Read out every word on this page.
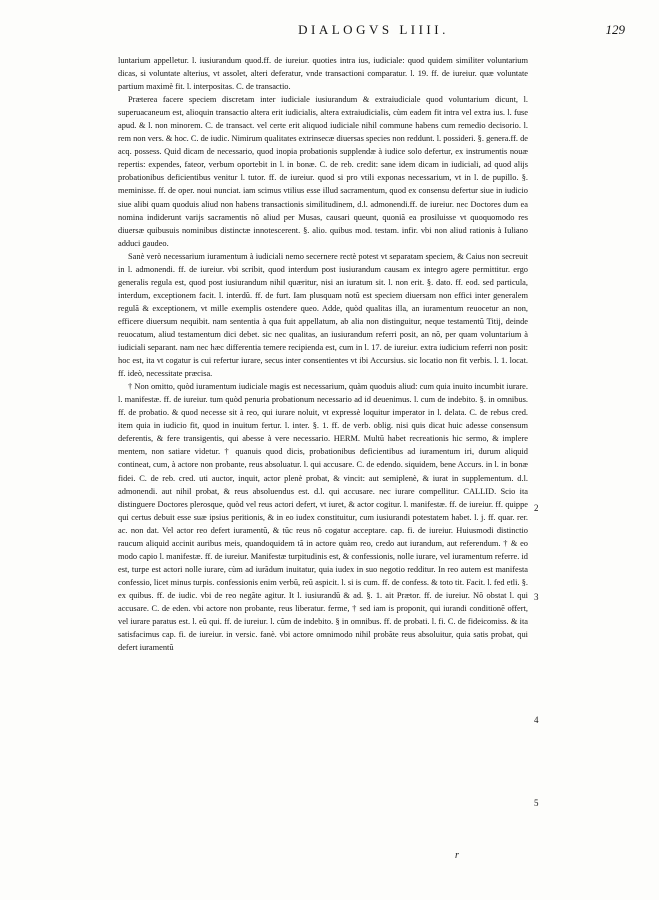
DIALOGVS LIIII.	129

luntarium appelletur. l. iusiurandum quod.ff. de iureiur. quoties intra ius, iudiciale: quod quidem similiter voluntarium dicas, si voluntate alterius, vt assolet, alteri deferatur, vnde transactioni comparatur. l. 19. ff. de iureiur. quæ voluntate partium maximè fit. l. interpositas. C. de transactio.

Præterea facere speciem discretam inter iudiciale iusiurandum & extraiudiciale quod voluntarium dicunt, l. superuacaneum est, alioquin transactio altera erit iudicialis, altera extraiudicialis, cùm eadem fit intra vel extra ius. l. fuse apud. & l. non minorem. C. de transact. vel certe erit aliquod iudiciale nihil commune habens cum remedio decisorio. l. rem non vers. & hoc. C. de iudic. Nimirum qualitates extrinsecæ diuersas species non reddunt. l. possideri. §. genera.ff. de acq. possess. Quid dicam de necessario, quod inopia probationis supplendæ à iudice solo defertur, ex instrumentis nouæ repertis: expendes, fateor, verbum oportebit in l. in bonæ. C. de reb. credit: sane idem dicam in iudiciali, ad quod alijs probationibus deficientibus venitur l. tutor. ff. de iureiur. quod si pro vtili exponas necessarium, vt in l. de pupillo. §. meminisse. ff. de oper. noui nunciat. iam scimus vtilius esse illud sacramentum, quod ex consensu defertur siue in iudicio siue alibi quam quoduis aliud non habens transactionis similitudinem, d.l. admonendi.ff. de iureiur. nec Doctores dum ea nomina indiderunt varijs sacramentis nõ aliud per Musas, causari queunt, quoniã ea prosiluisse vt quoquomodo res diuersæ quibusuis nominibus distinctæ innotescerent. §. alio. quibus mod. testam. infir. vbi non aliud rationis à Iuliano adduci gaudeo.

Sanè verò necessarium iuramentum à iudiciali nemo secernere rectè potest vt separatam speciem, & Caius non secreuit in l. admonendi. ff. de iureiur. vbi scribit, quod interdum post iusiurandum causam ex integro agere permittitur. ergo generalis regula est, quod post iusiurandum nihil quæritur, nisi an iuratum sit. l. non erit. §. dato. ff. eod. sed particula, interdum, exceptionem facit. l. interdũ. ff. de furt. Iam plusquam notũ est speciem diuersam non effici inter generalem regulã & exceptionem, vt mille exemplis ostendere queo. Adde, quòd qualitas illa, an iuramentum reuocetur an non, efficere diuersum nequibit. nam sententia à qua fuit appellatum, ab alia non distinguitur, neque testamentũ Titij, deinde reuocatum, aliud testamentum dici debet. sic nec qualitas, an iusiurandum referri posit, an nõ, per quam voluntarium à iudiciali separant. nam nec hæc differentia temere recipienda est, cum in l. 17. de iureiur. extra iudicium referri non posit: hoc est, ita vt cogatur is cui refertur iurare, secus inter consentientes vt ibi Accursius. sic locatio non fit verbis. l. 1. locat. ff. ideò, necessitate præcisa.

† Non omitto, quòd iuramentum iudiciale magis est necessarium, quàm quoduis aliud: cum quia inuito incumbit iurare. l. manifestæ. ff. de iureiur. tum quòd penuria probationum necessario ad id deuenimus. l. cum de indebito. §. in omnibus. ff. de probatio. & quod necesse sit à reo, qui iurare noluit, vt expressè loquitur imperator in l. delata. C. de rebus cred. item quia in iudicio fit, quod in inuitum fertur. l. inter. §. 1. ff. de verb. oblig. nisi quis dicat huic adesse consensum deferentis, & fere transigentis, qui abesse à vere necessario. HERM. Multũ habet recreationis hic sermo, & implere mentem, non satiare videtur. † quanuis quod dicis, probationibus deficientibus ad iuramentum iri, durum aliquid contineat, cum, à actore non probante, reus absoluatur. l. qui accusare. C. de edendo. siquidem, bene Accurs. in l. in bonæ fidei. C. de reb. cred. uti auctor, inquit, actor plenè probat, & vincit: aut semiplenè, & iurat in supplementum. d.l. admonendi. aut nihil probat, & reus absoluendus est. d.l. qui accusare. nec iurare compellitur. CALLID. Scio ita distinguere Doctores plerosque, quòd vel reus actori defert, vt iuret, & actor cogitur. l. manifestæ. ff. de iureiur. ff. quippe qui certus debuit esse suæ ipsius peritionis, & in eo iudex constituitur, cum iusiurandi potestatem habet. l. j. ff. quar. rer. ac. non dat. Vel actor reo defert iuramentũ, & tũc reus nõ cogatur acceptare. cap. fi. de iureiur. Huiusmodi distinctio raucum aliquid accinit auribus meis, quandoquidem tã in actore quàm reo, credo aut iurandum, aut referendum. † & eo modo capio l. manifestæ. ff. de iureiur. Manifestæ turpitudinis est, & confessionis, nolle iurare, vel iuramentum referre. id est, turpe est actori nolle iurare, cùm ad iurãdum inuitatur, quia iudex in suo negotio redditur. In reo autem est manifesta confessio, licet minus turpis. confessionis enim verbũ, reũ aspicit. l. si is cum. ff. de confess. & toto tit. Facit. l. fed etli. §. ex quibus. ff. de iudic. vbi de reo negãte agitur. It l. iusiurandũ & ad. §. 1. ait Prætor. ff. de iureiur. Nõ obstat l. qui accusare. C. de eden. vbi actore non probante, reus liberatur. ferme, † sed iam is proponit, qui iurandi conditionẽ offert, vel iurare paratus est. l. eũ qui. ff. de iureiur. l. cũm de indebito. § in omnibus. ff. de probati. l. fi. C. de fideicomiss. & ita satisfacimus cap. fi. de iureiur. in versic. fanè. vbi actore omnimodo nihil probãte reus absoluitur, quia satis probat, qui defert iuramentũ

2
3
4
5
r
